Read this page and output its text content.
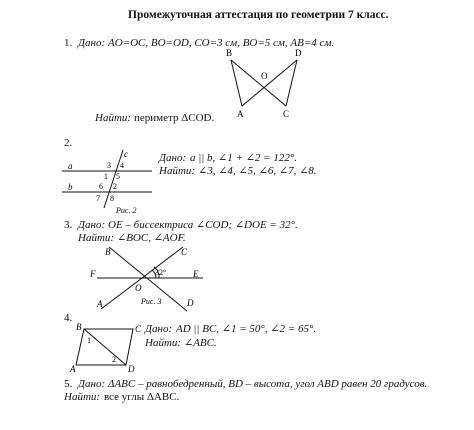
Промежуточная аттестация по геометрии 7 класс.
1. Дано: AO=OC, BO=OD, CO=3 см, BO=5 см, AB=4 см.
Найти: периметр ΔCOD.
B	D
O
A	C
2.
Дано: a || b, ∠1 + ∠2 = 122°.
Найти: ∠3, ∠4, ∠5, ∠6, ∠7, ∠8.
c
a
b
3 4
1 5
6 2
7 8
Рис. 2
3. Дано: OE – биссектриса ∠COD; ∠DOE = 32°.
Найти: ∠BOC, ∠AOF.
B	C
F	E
O
A	D
32°
Рис. 3
4.
Дано: AD || BC, ∠1 = 50°, ∠2 = 65°.
Найти: ∠ABC.
B	C
1
2
A	D
5. Дано: ΔABC – равнобедренный, BD – высота, угол ABD равен 20 градусов.
Найти: все углы ΔABC.
